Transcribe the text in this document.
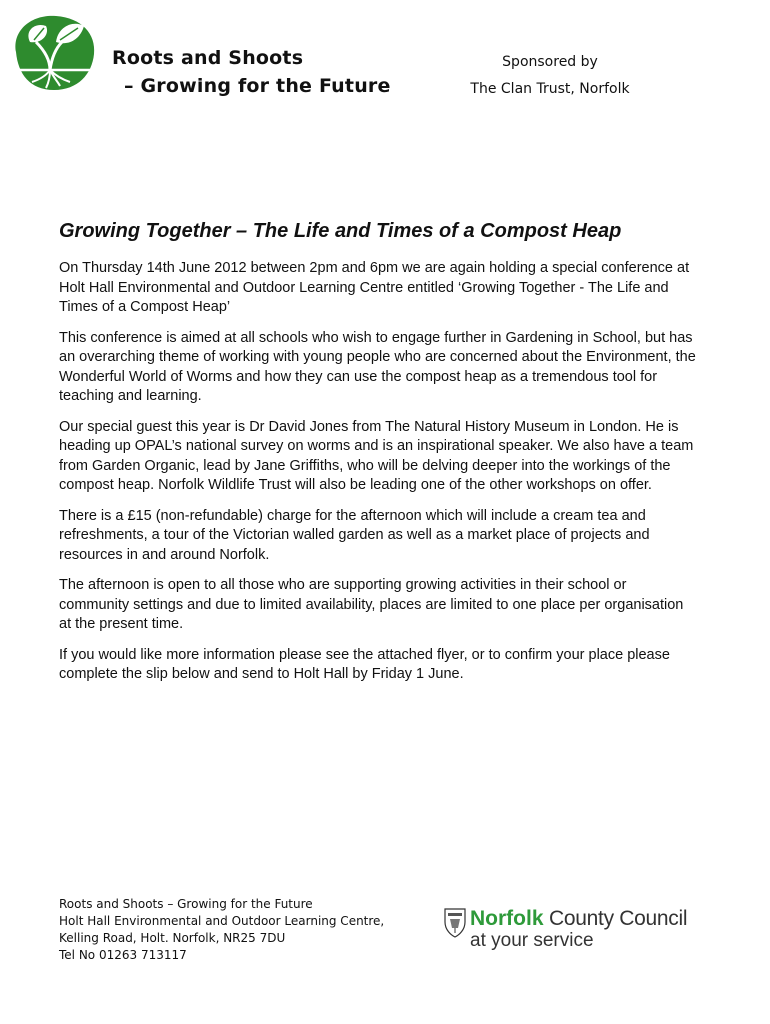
Roots and Shoots
– Growing for the Future
Sponsored by
The Clan Trust, Norfolk
Growing Together – The Life and Times of a Compost Heap

On Thursday 14th June 2012 between 2pm and 6pm we are again holding a special conference at Holt Hall Environmental and Outdoor Learning Centre entitled ‘Growing Together - The Life and Times of a Compost Heap’

This conference is aimed at all schools who wish to engage further in Gardening in School, but has an overarching theme of working with young people who are concerned about the Environment, the Wonderful World of Worms and how they can use the compost heap as a tremendous tool for teaching and learning.

Our special guest this year is Dr David Jones from The Natural History Museum in London. He is heading up OPAL’s national survey on worms and is an inspirational speaker. We also have a team from Garden Organic, lead by Jane Griffiths, who will be delving deeper into the workings of the compost heap. Norfolk Wildlife Trust will also be leading one of the other workshops on offer.

There is a £15 (non-refundable) charge for the afternoon which will include a cream tea and refreshments, a tour of the Victorian walled garden as well as a market place of projects and resources in and around Norfolk.

The afternoon is open to all those who are supporting growing activities in their school or community settings and due to limited availability, places are limited to one place per organisation at the present time.

If you would like more information please see the attached flyer, or to confirm your place please complete the slip below and send to Holt Hall by Friday 1 June.

Roots and Shoots – Growing for the Future
Holt Hall Environmental and Outdoor Learning Centre,
Kelling Road, Holt. Norfolk, NR25 7DU
Tel No 01263 713117
Norfolk County Council
at your service
